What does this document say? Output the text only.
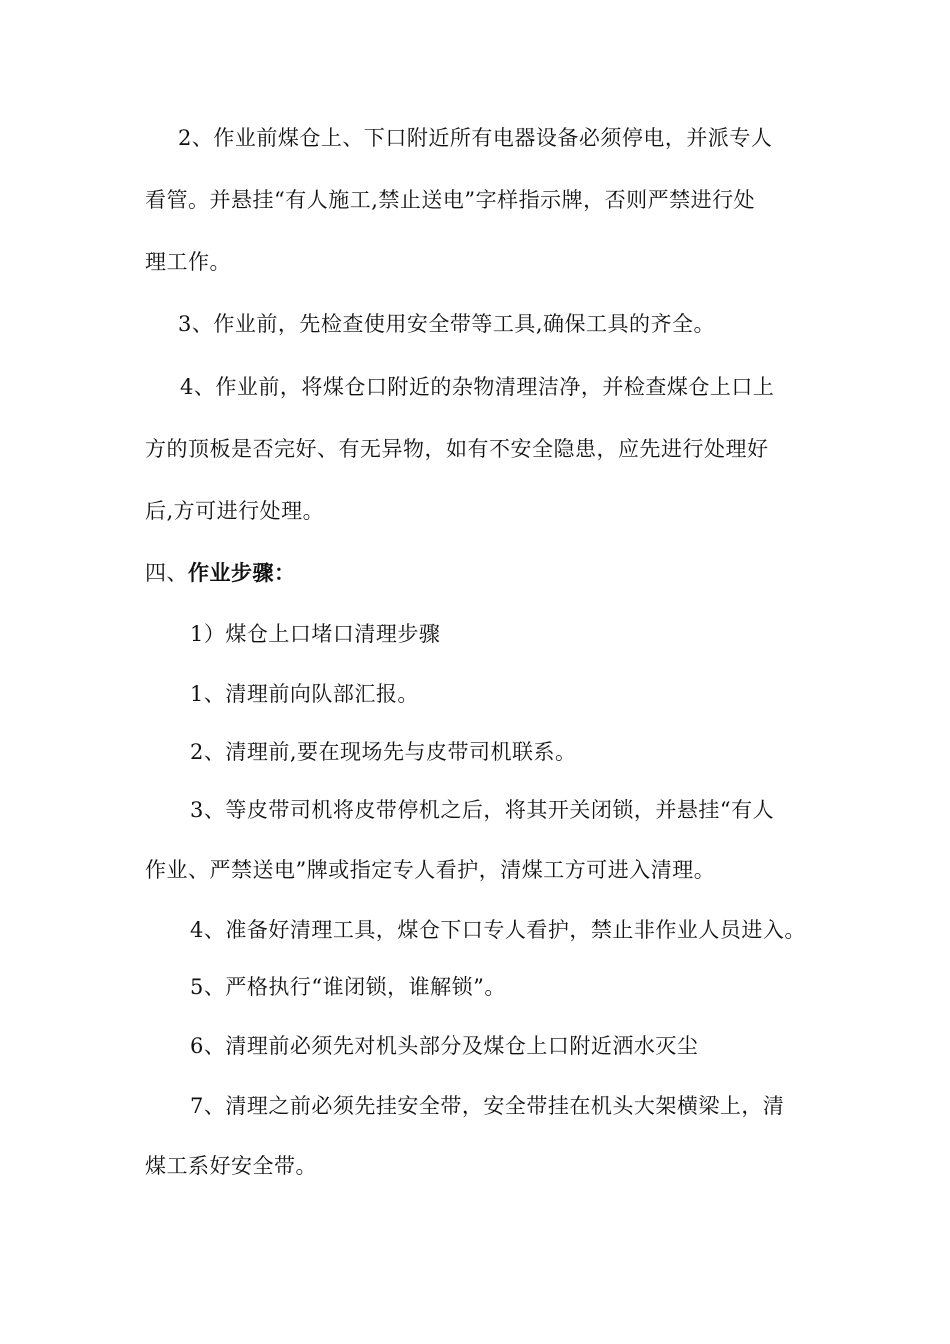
2、作业前煤仓上、下口附近所有电器设备必须停电，并派专人
看管。并悬挂“有人施工,禁止送电”字样指示牌，否则严禁进行处
理工作。
3、作业前，先检查使用安全带等工具,确保工具的齐全。
4、作业前，将煤仓口附近的杂物清理洁净，并检查煤仓上口上
方的顶板是否完好、有无异物，如有不安全隐患，应先进行处理好
后,方可进行处理。
四、作业步骤：
1）煤仓上口堵口清理步骤
1、清理前向队部汇报。
2、清理前,要在现场先与皮带司机联系。
3、等皮带司机将皮带停机之后，将其开关闭锁，并悬挂“有人
作业、严禁送电”牌或指定专人看护，清煤工方可进入清理。
4、准备好清理工具，煤仓下口专人看护，禁止非作业人员进入。
5、严格执行“谁闭锁，谁解锁”。
6、清理前必须先对机头部分及煤仓上口附近洒水灭尘
7、清理之前必须先挂安全带，安全带挂在机头大架横梁上，清
煤工系好安全带。
